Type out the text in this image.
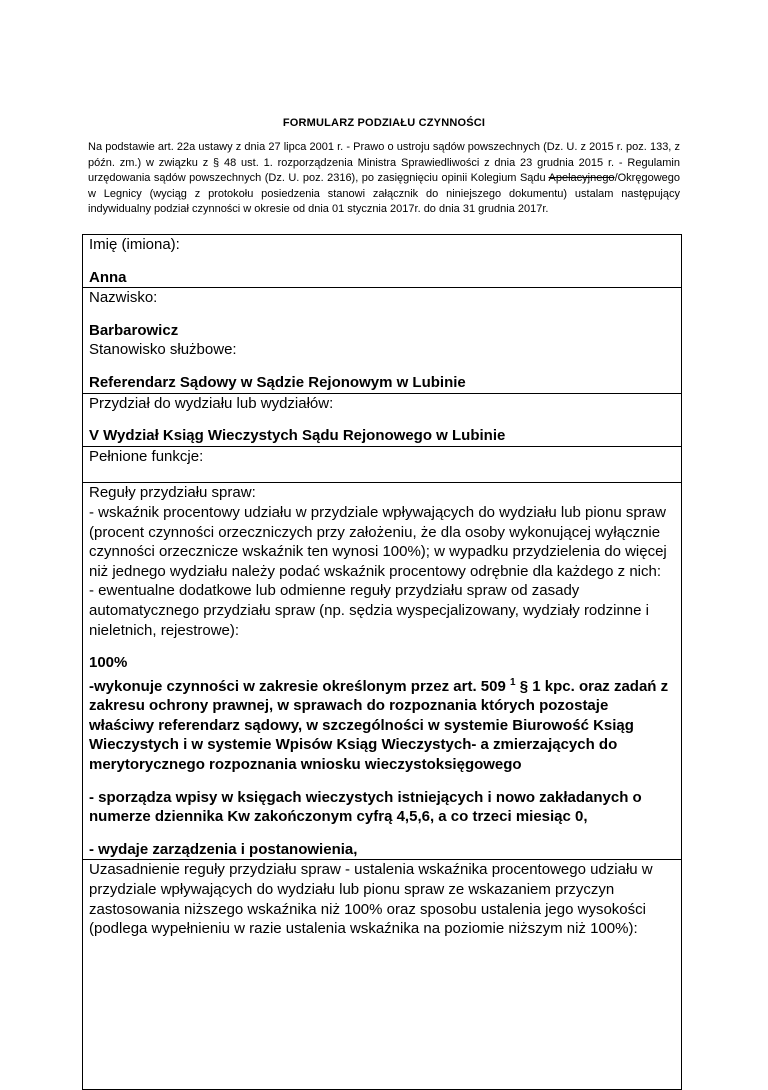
FORMULARZ PODZIAŁU CZYNNOŚCI

Na podstawie art. 22a ustawy z dnia 27 lipca 2001 r. - Prawo o ustroju sądów powszechnych (Dz. U. z 2015 r. poz. 133, z późn. zm.) w związku z § 48 ust. 1. rozporządzenia Ministra Sprawiedliwości z dnia 23 grudnia 2015 r. - Regulamin urzędowania sądów powszechnych (Dz. U. poz. 2316), po zasięgnięciu opinii Kolegium Sądu Apelacyjnego/Okręgowego w Legnicy (wyciąg z protokołu posiedzenia stanowi załącznik do niniejszego dokumentu) ustalam następujący indywidualny podział czynności w okresie od dnia 01 stycznia 2017r. do dnia 31 grudnia 2017r.

Imię (imiona):
Anna
Nazwisko:
Barbarowicz
Stanowisko służbowe:
Referendarz Sądowy w Sądzie Rejonowym w Lubinie
Przydział do wydziału lub wydziałów:
V Wydział Ksiąg Wieczystych Sądu Rejonowego w Lubinie
Pełnione funkcje:

Reguły przydziału spraw:

- wskaźnik procentowy udziału w przydziale wpływających do wydziału lub pionu spraw (procent czynności orzeczniczych przy założeniu, że dla osoby wykonującej wyłącznie czynności orzecznicze wskaźnik ten wynosi 100%); w wypadku przydzielenia do więcej niż jednego wydziału należy podać wskaźnik procentowy odrębnie dla każdego z nich:

- ewentualne dodatkowe lub odmienne reguły przydziału spraw od zasady automatycznego przydziału spraw (np. sędzia wyspecjalizowany, wydziały rodzinne i nieletnich, rejestrowe):

100%

-wykonuje czynności w zakresie określonym przez art. 509 $^1$ § 1 kpc. oraz zadań z zakresu ochrony prawnej, w sprawach do rozpoznania których pozostaje właściwy referendarz sądowy, w szczególności w systemie Biurowość Ksiąg Wieczystych i w systemie Wpisów Ksiąg Wieczystych- a zmierzających do merytorycznego rozpoznania wniosku wieczystoksięgowego

- sporządza wpisy w księgach wieczystych istniejących i nowo zakładanych o numerze dziennika Kw zakończonym cyfrą 4,5,6, a co trzeci miesiąc 0,

- wydaje zarządzenia i postanowienia,

Uzasadnienie reguły przydziału spraw - ustalenia wskaźnika procentowego udziału w przydziale wpływających do wydziału lub pionu spraw ze wskazaniem przyczyn zastosowania niższego wskaźnika niż 100% oraz sposobu ustalenia jego wysokości (podlega wypełnieniu w razie ustalenia wskaźnika na poziomie niższym niż 100%):
